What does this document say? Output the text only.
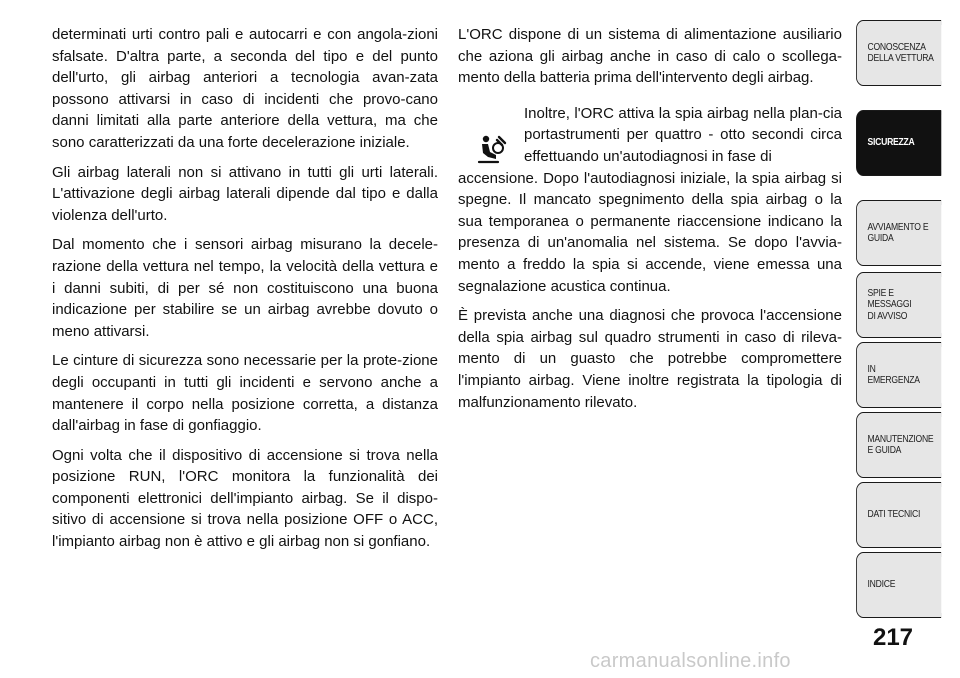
determinati urti contro pali e autocarri e con angola-zioni sfalsate. D'altra parte, a seconda del tipo e del punto dell'urto, gli airbag anteriori a tecnologia avan-zata possono attivarsi in caso di incidenti che provo-cano danni limitati alla parte anteriore della vettura, ma che sono caratterizzati da una forte decelerazione iniziale.

Gli airbag laterali non si attivano in tutti gli urti laterali. L'attivazione degli airbag laterali dipende dal tipo e dalla violenza dell'urto.

Dal momento che i sensori airbag misurano la decele-razione della vettura nel tempo, la velocità della vettura e i danni subiti, di per sé non costituiscono una buona indicazione per stabilire se un airbag avrebbe dovuto o meno attivarsi.

Le cinture di sicurezza sono necessarie per la prote-zione degli occupanti in tutti gli incidenti e servono anche a mantenere il corpo nella posizione corretta, a distanza dall'airbag in fase di gonfiaggio.

Ogni volta che il dispositivo di accensione si trova nella posizione RUN, l'ORC monitora la funzionalità dei componenti elettronici dell'impianto airbag. Se il dispo-sitivo di accensione si trova nella posizione OFF o ACC, l'impianto airbag non è attivo e gli airbag non si gonfiano.

L'ORC dispone di un sistema di alimentazione ausiliario che aziona gli airbag anche in caso di calo o scollega-mento della batteria prima dell'intervento degli airbag.

Inoltre, l'ORC attiva la spia airbag nella plan-cia portastrumenti per quattro - otto secondi circa effettuando un'autodiagnosi in fase di
accensione. Dopo l'autodiagnosi iniziale, la spia airbag si spegne. Il mancato spegnimento della spia airbag o la sua temporanea o permanente riaccensione indicano la presenza di un'anomalia nel sistema. Se dopo l'avvia-mento a freddo la spia si accende, viene emessa una segnalazione acustica continua.

È prevista anche una diagnosi che provoca l'accensione della spia airbag sul quadro strumenti in caso di rileva-mento di un guasto che potrebbe compromettere l'impianto airbag. Viene inoltre registrata la tipologia di malfunzionamento rilevato.

CONOSCENZA
DELLA VETTURA
SICUREZZA
AVVIAMENTO E
GUIDA
SPIE E
MESSAGGI
DI AVVISO
IN
EMERGENZA
MANUTENZIONE
E GUIDA
DATI TECNICI
INDICE
217
carmanualsonline.info
